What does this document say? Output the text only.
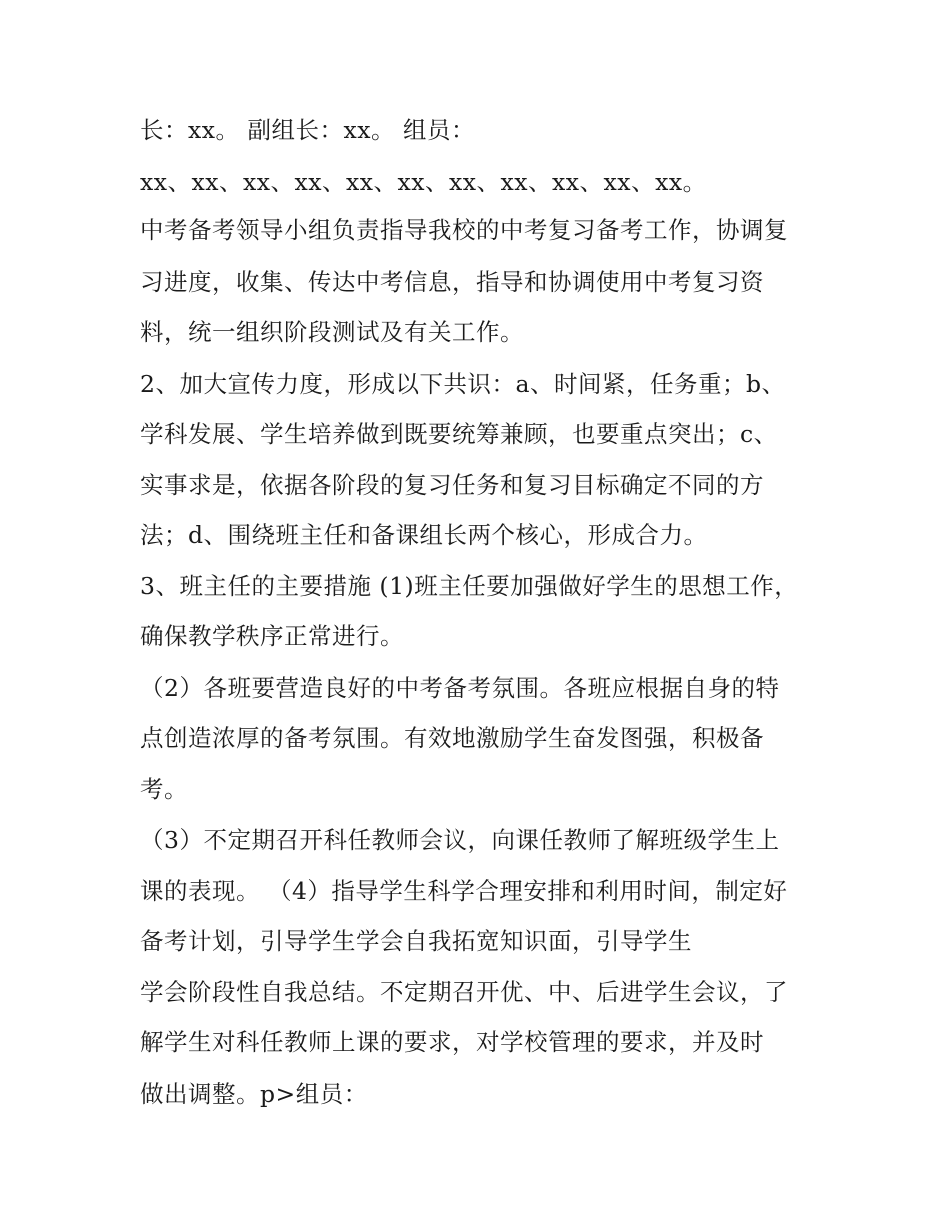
长：xx。 副组长：xx。 组员：
xx、xx、xx、xx、xx、xx、xx、xx、xx、xx、xx。
中考备考领导小组负责指导我校的中考复习备考工作，协调复
习进度，收集、传达中考信息，指导和协调使用中考复习资
料，统一组织阶段测试及有关工作。
2、加大宣传力度，形成以下共识：a、时间紧，任务重；b、
学科发展、学生培养做到既要统筹兼顾，也要重点突出；c、
实事求是，依据各阶段的复习任务和复习目标确定不同的方
法；d、围绕班主任和备课组长两个核心，形成合力。
3、班主任的主要措施 (1)班主任要加强做好学生的思想工作，
确保教学秩序正常进行。
（2）各班要营造良好的中考备考氛围。各班应根据自身的特
点创造浓厚的备考氛围。有效地激励学生奋发图强，积极备
考。
（3）不定期召开科任教师会议，向课任教师了解班级学生上
课的表现。 （4）指导学生科学合理安排和利用时间，制定好
备考计划，引导学生学会自我拓宽知识面，引导学生
学会阶段性自我总结。不定期召开优、中、后进学生会议，了
解学生对科任教师上课的要求，对学校管理的要求，并及时
做出调整。p>组员：
